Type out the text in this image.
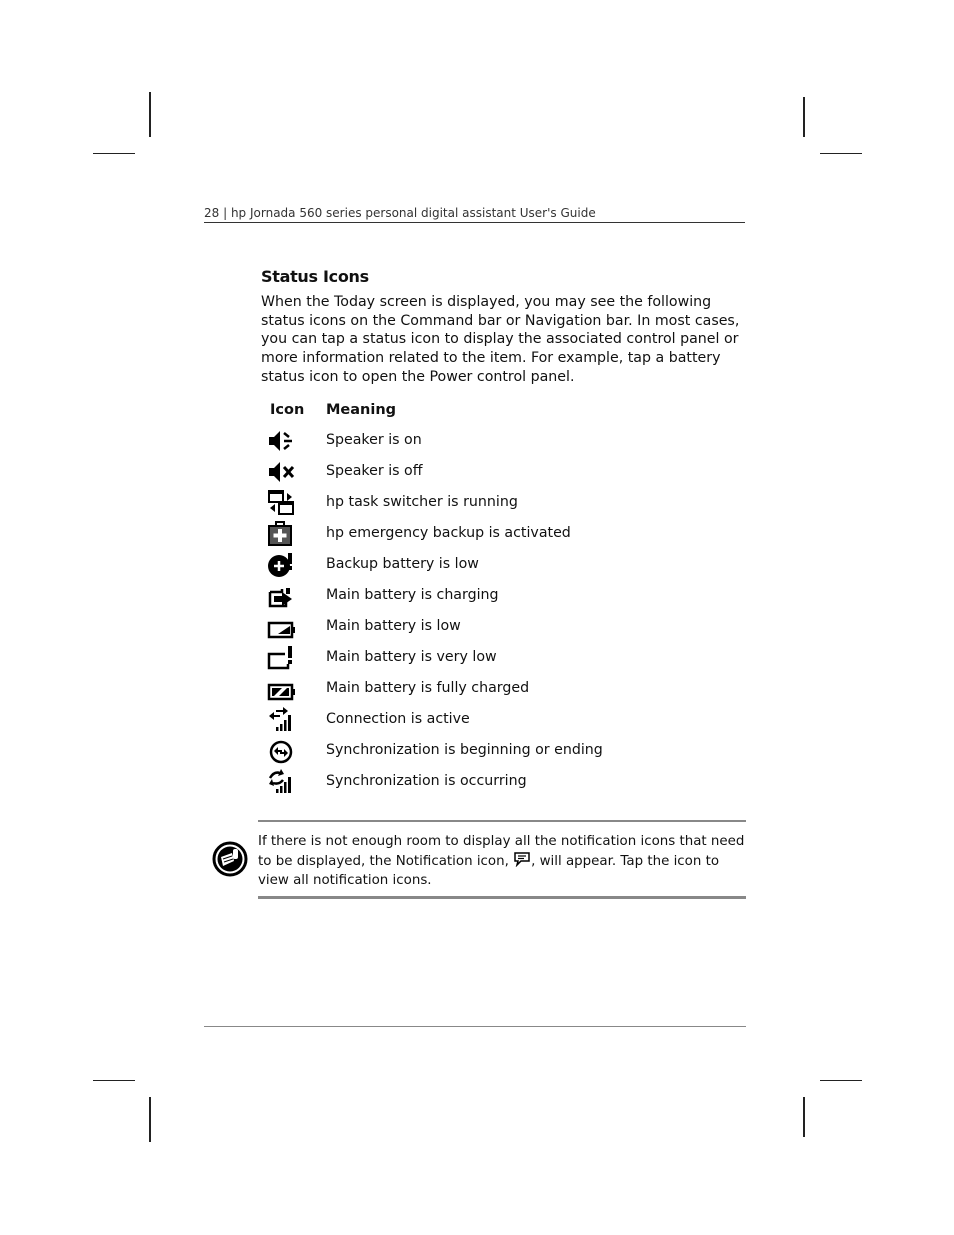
28 | hp Jornada 560 series personal digital assistant User's Guide
Status Icons
When the Today screen is displayed, you may see the following status icons on the Command bar or Navigation bar. In most cases, you can tap a status icon to display the associated control panel or more information related to the item. For example, tap a battery status icon to open the Power control panel.
Icon Meaning
Speaker is on
Speaker is off
hp task switcher is running
hp emergency backup is activated
Backup battery is low
Main battery is charging
Main battery is low
Main battery is very low
Main battery is fully charged
Connection is active
Synchronization is beginning or ending
Synchronization is occurring
If there is not enough room to display all the notification icons that need to be displayed, the Notification icon, , will appear. Tap the icon to view all notification icons.
